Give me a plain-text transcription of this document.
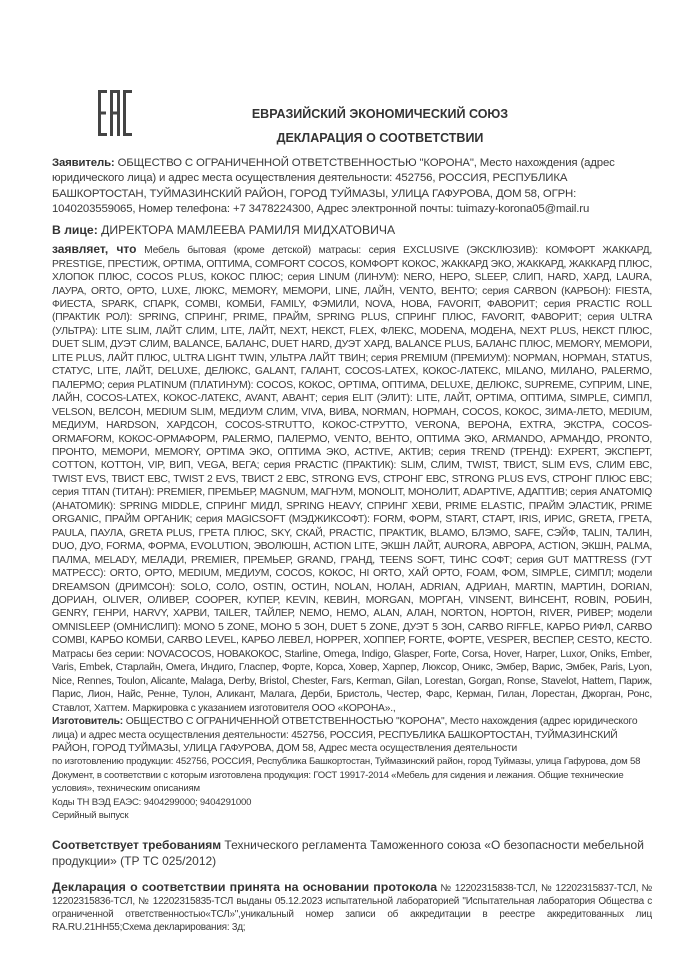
ЕВРАЗИЙСКИЙ ЭКОНОМИЧЕСКИЙ СОЮЗ
ДЕКЛАРАЦИЯ О СООТВЕТСТВИИ
Заявитель: ОБЩЕСТВО С ОГРАНИЧЕННОЙ ОТВЕТСТВЕННОСТЬЮ "КОРОНА", Место нахождения (адрес юридического лица) и адрес места осуществления деятельности: 452756, РОССИЯ, РЕСПУБЛИКА БАШКОРТОСТАН, ТУЙМАЗИНСКИЙ РАЙОН, ГОРОД ТУЙМАЗЫ, УЛИЦА ГАФУРОВА, ДОМ 58, ОГРН: 1040203559065, Номер телефона: +7 3478224300, Адрес электронной почты: tuimazy-korona05@mail.ru
В лице: ДИРЕКТОРА МАМЛЕЕВА РАМИЛЯ МИДХАТОВИЧА
заявляет, что Мебель бытовая (кроме детской) матрасы: серия EXCLUSIVE (ЭКСКЛЮЗИВ): КОМФОРТ ЖАККАРД, PRESTIGE, ПРЕСТИЖ, OPTIMA, ОПТИМА, COMFORT COCOS, КОМФОРТ КОКОС, ЖАККАРД ЭКО, ЖАККАРД, ЖАККАРД ПЛЮС, ХЛОПОК ПЛЮС, COCOS PLUS, КОКОС ПЛЮС; серия LINUM (ЛИНУМ): NERO, НЕРО, SLEEP, СЛИП, HARD, ХАРД, LAURA, ЛАУРА, ORTO, ОРТО, LUXE, ЛЮКС, MEMORY, МЕМОРИ, LINE, ЛАЙН, VENTO, ВЕНТО; серия CARBON (КАРБОН): FIESTA, ФИЕСТА, SPARK, СПАРК, COMBI, КОМБИ, FAMILY, ФЭМИЛИ, NOVA, НОВА, FAVORIT, ФАВОРИТ; серия PRACTIC ROLL (ПРАКТИК РОЛ): SPRING, СПРИНГ, PRIME, ПРАЙМ, SPRING PLUS, СПРИНГ ПЛЮС, FAVORIT, ФАВОРИТ; серия ULTRA (УЛЬТРА): LITE SLIM, ЛАЙТ СЛИМ, LITE, ЛАЙТ, NEXT, НЕКСТ, FLEX, ФЛЕКС, MODENA, МОДЕНА, NEXT PLUS, НЕКСТ ПЛЮС, DUET SLIM, ДУЭТ СЛИМ, BALANCE, БАЛАНС, DUET HARD, ДУЭТ ХАРД, BALANCE PLUS, БАЛАНС ПЛЮС, MEMORY, МЕМОРИ, LITE PLUS, ЛАЙТ ПЛЮС, ULTRA LIGHT TWIN, УЛЬТРА ЛАЙТ ТВИН; серия PREMIUM (ПРЕМИУМ): NOPMAN, НОРМАН, STATUS, СТАТУС, LITE, ЛАЙТ, DELUXE, ДЕЛЮКС, GALANT, ГАЛАНТ, COCOS-LATEX, КОКОС-ЛАТЕКС, MILANO, МИЛАНО, PALERMO, ПАЛЕРМО; серия PLATINUM (ПЛАТИНУМ): COCOS, КОКОС, OPTIMA, ОПТИМА, DELUXE, ДЕЛЮКС, SUPREME, СУПРИМ, LINE, ЛАЙН, COCOS-LATEX, КОКОС-ЛАТЕКС, AVANT, АВАНТ; серия ELIT (ЭЛИТ): LITE, ЛАЙТ, OPTIMA, ОПТИМА, SIMPLE, СИМПЛ, VELSON, ВЕЛСОН, MEDIUM SLIM, МЕДИУМ СЛИМ, VIVA, ВИВА, NORMAN, НОРМАН, COCOS, КОКОС, ЗИМА-ЛЕТО, MEDIUM, МЕДИУМ, HARDSON, ХАРДСОН, COCOS-STRUTTO, КОКОС-СТРУТТО, VERONA, ВЕРОНА, EXTRA, ЭКСТРА, COCOS-ORMAFORM, КОКОС-ОРМАФОРМ, PALERMO, ПАЛЕРМО, VENTO, ВЕНТО, ОПТИМА ЭКО, ARMANDO, АРМАНДО, PRONTO, ПРОНТО, МЕМОРИ, MEMORY, OPTIMA ЭКО, ОПТИМА ЭКО, ACTIVE, АКТИВ; серия TREND (ТРЕНД): EXPERT, ЭКСПЕРТ, COTTON, КОТТОН, VIP, ВИП, VEGA, ВЕГА; серия PRACTIC (ПРАКТИК): SLIM, СЛИМ, TWIST, ТВИСТ, SLIM EVS, СЛИМ ЕВС, TWIST EVS, ТВИСТ ЕВС, TWIST 2 EVS, ТВИСТ 2 ЕВС, STRONG EVS, СТРОНГ ЕВС, STRONG PLUS EVS, СТРОНГ ПЛЮС ЕВС; серия TITAN (ТИТАН): PREMIER, ПРЕМЬЕР, MAGNUM, МАГНУМ, MONOLIT, МОНОЛИТ, ADAPTIVE, АДАПТИВ; серия ANATOMIQ (АНАТОМИК): SPRING MIDDLE, СПРИНГ МИДЛ, SPRING HEAVY, СПРИНГ ХЕВИ, PRIME ELASTIC, ПРАЙМ ЭЛАСТИК, PRIME ORGANIC, ПРАЙМ ОРГАНИК; серия MAGICSOFT (МЭДЖИКСОФТ): FORM, ФОРМ, START, СТАРТ, IRIS, ИРИС, GRETA, ГРЕТА, PAULA, ПАУЛА, GRETA PLUS, ГРЕТА ПЛЮС, SKY, СКАЙ, PRACTIC, ПРАКТИК, BLAMO, БЛЭМО, SAFE, СЭЙФ, TALIN, ТАЛИН, DUO, ДУО, FORMA, ФОРМА, EVOLUTION, ЭВОЛЮШН, ACTION LITE, ЭКШН ЛАЙТ, AURORA, АВРОРА, ACTION, ЭКШН, PALMA, ПАЛМА, MELADY, МЕЛАДИ, PREMIER, ПРЕМЬЕР, GRAND, ГРАНД, TEENS SOFT, ТИНС СОФТ; серия GUT MATTRESS (ГУТ МАТРЕСС): ORTO, ОРТО, MEDIUM, МЕДИУМ, COCOS, КОКОС, HI ORTO, ХАЙ ОРТО, FOAM, ФОМ, SIMPLE, СИМПЛ; модели DREAMSON (ДРИМСОН): SOLO, СОЛО, OSTIN, ОСТИН, NOLAN, НОЛАН, ADRIAN, АДРИАН, MARTIN, МАРТИН, DORIAN, ДОРИАН, OLIVER, ОЛИВЕР, COOPER, КУПЕР, KEVIN, КЕВИН, MORGAN, МОРГАН, VINSENT, ВИНСЕНТ, ROBIN, РОБИН, GENRY, ГЕНРИ, HARVY, ХАРВИ, TAILER, ТАЙЛЕР, NEMO, НЕМО, ALAN, АЛАН, NORTON, НОРТОН, RIVER, РИВЕР; модели OMNISLEEP (ОМНИСЛИП): MONO 5 ZONE, МОНО 5 ЗОН, DUET 5 ZONE, ДУЭТ 5 ЗОН, CARBO RIFFLE, КАРБО РИФЛ, CARBO COMBI, КАРБО КОМБИ, CARBO LEVEL, КАРБО ЛЕВЕЛ, HOPPER, ХОППЕР, FORTE, ФОРТЕ, VESPER, ВЕСПЕР, CESTO, КЕСТО. Матрасы без серии: NOVACOCOS, НОВАКОКОС, Starline, Omega, Indigo, Glasper, Forte, Corsa, Hover, Harper, Luxor, Oniks, Ember, Varis, Embek, Старлайн, Омега, Индиго, Гласпер, Форте, Корса, Ховер, Харпер, Люксор, Оникс, Эмбер, Варис, Эмбек, Paris, Lyon, Nice, Rennes, Toulon, Alicante, Malaga, Derby, Bristol, Chester, Fars, Kerman, Gilan, Lorestan, Gorgan, Ronse, Stavelot, Hattem, Париж, Парис, Лион, Найс, Ренне, Тулон, Аликант, Малага, Дерби, Бристоль, Честер, Фарс, Керман, Гилан, Лорестан, Джорган, Ронс, Ставлот, Хаттем. Маркировка с указанием изготовителя ООО «КОРОНА».,
Изготовитель: ОБЩЕСТВО С ОГРАНИЧЕННОЙ ОТВЕТСТВЕННОСТЬЮ "КОРОНА", Место нахождения (адрес юридического лица) и адрес места осуществления деятельности: 452756, РОССИЯ, РЕСПУБЛИКА БАШКОРТОСТАН, ТУЙМАЗИНСКИЙ РАЙОН, ГОРОД ТУЙМАЗЫ, УЛИЦА ГАФУРОВА, ДОМ 58, Адрес места осуществления деятельности
по изготовлению продукции: 452756, РОССИЯ, Республика Башкортостан, Туймазинский район, город Туймазы, улица Гафурова, дом 58
Документ, в соответствии с которым изготовлена продукция: ГОСТ 19917-2014 «Мебель для сидения и лежания. Общие технические условия», техническим описаниям
Коды ТН ВЭД ЕАЭС: 9404299000; 9404291000
Серийный выпуск
Соответствует требованиям Технического регламента Таможенного союза «О безопасности мебельной продукции» (ТР ТС 025/2012)
Декларация о соответствии принята на основании протокола № 12202315838-ТСЛ, № 12202315837-ТСЛ, № 12202315836-ТСЛ, № 12202315835-ТСЛ выданы 05.12.2023 испытательной лабораторией "Испытательная лаборатория Общества с ограниченной ответственностью«ТСЛ»",уникальный номер записи об аккредитации в реестре аккредитованных лиц RA.RU.21НН55;Схема декларирования: 3д;
